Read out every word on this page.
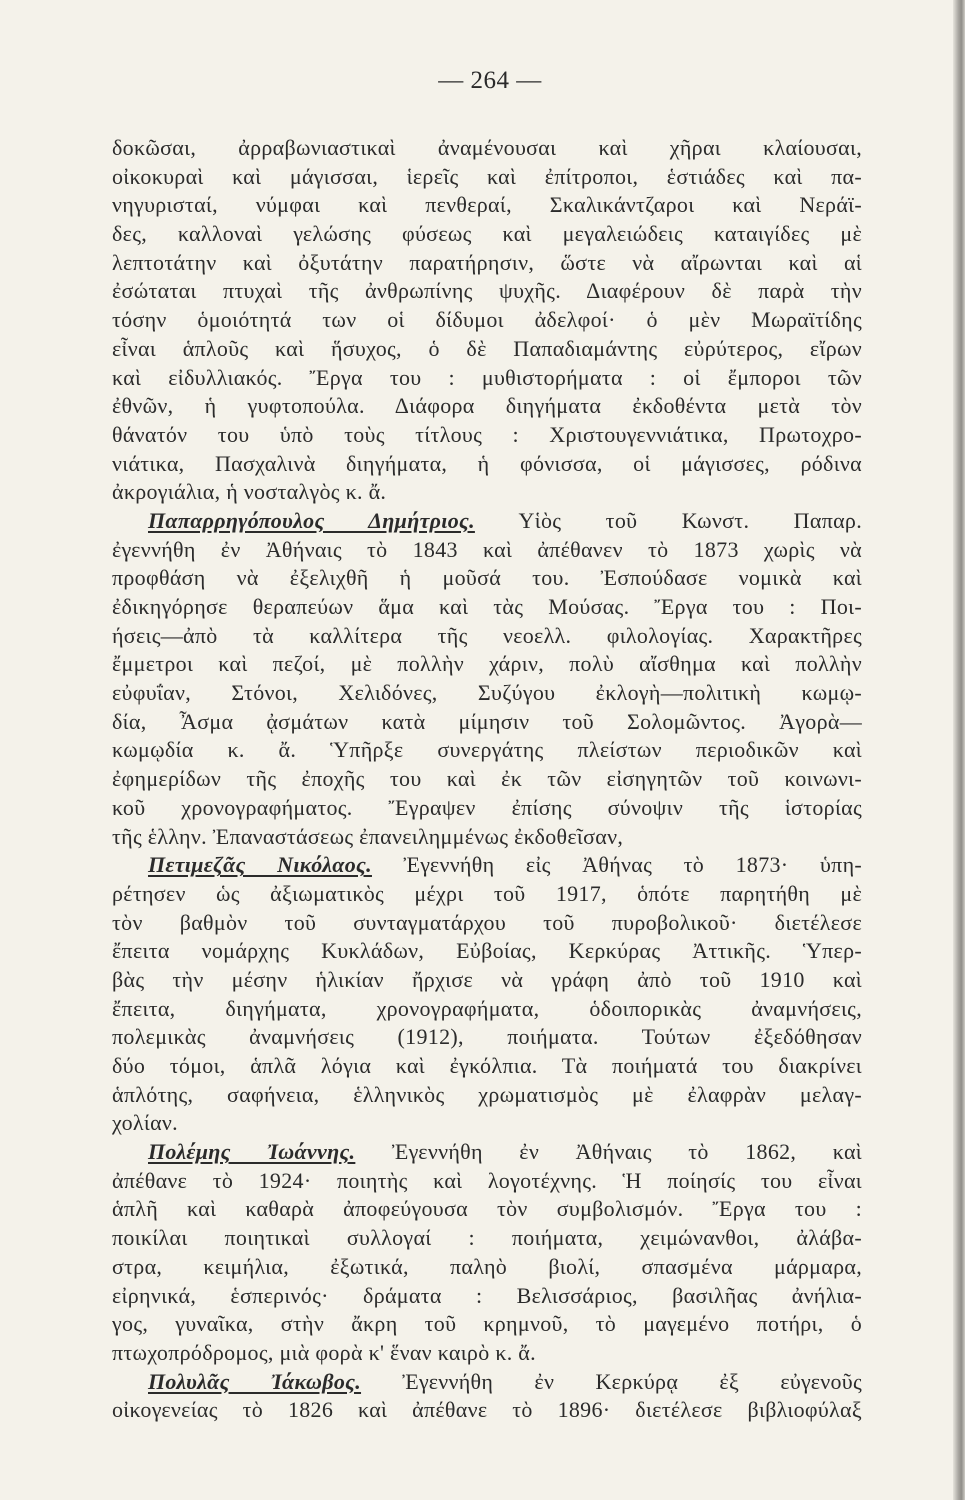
— 264 —
δοκῶσαι, ἀρραβωνιαστικαὶ ἀναμένουσαι καὶ χῆραι κλαίουσαι,
οἰκοκυραὶ καὶ μάγισσαι, ἱερεῖς καὶ ἐπίτροποι, ἑστιάδες καὶ πα-
νηγυρισταί, νύμφαι καὶ πενθεραί, Σκαλικάντζαροι καὶ Νεράϊ-
δες, καλλοναὶ γελώσης φύσεως καὶ μεγαλειώδεις καταιγίδες μὲ
λεπτοτάτην καὶ ὀξυτάτην παρατήρησιν, ὥστε νὰ αἴρωνται καὶ αἱ
ἐσώταται πτυχαὶ τῆς ἀνθρωπίνης ψυχῆς. Διαφέρουν δὲ παρὰ τὴν
τόσην ὁμοιότητά των οἱ δίδυμοι ἀδελφοί· ὁ μὲν Μωραϊτίδης
εἶναι ἁπλοῦς καὶ ἥσυχος, ὁ δὲ Παπαδιαμάντης εὐρύτερος, εἴρων
καὶ εἰδυλλιακός. Ἔργα του : μυθιστορήματα : οἱ ἔμποροι τῶν
ἐθνῶν, ἡ γυφτοπούλα. Διάφορα διηγήματα ἐκδοθέντα μετὰ τὸν
θάνατόν του ὑπὸ τοὺς τίτλους : Χριστουγεννιάτικα, Πρωτοχρο-
νιάτικα, Πασχαλινὰ διηγήματα, ἡ φόνισσα, οἱ μάγισσες, ρόδινα
ἀκρογιάλια, ἡ νοσταλγὸς κ. ἄ.
Παπαρρηγόπουλος Δημήτριος. Υἱὸς τοῦ Κωνστ. Παπαρ.
ἐγεννήθη ἐν Ἀθήναις τὸ 1843 καὶ ἀπέθανεν τὸ 1873 χωρὶς νὰ
προφθάση νὰ ἐξελιχθῆ ἡ μοῦσά του. Ἐσπούδασε νομικὰ καὶ
ἐδικηγόρησε θεραπεύων ἅμα καὶ τὰς Μούσας. Ἔργα του : Ποι-
ήσεις—ἀπὸ τὰ καλλίτερα τῆς νεοελλ. φιλολογίας. Χαρακτῆρες
ἔμμετροι καὶ πεζοί, μὲ πολλὴν χάριν, πολὺ αἴσθημα καὶ πολλὴν
εὐφυΐαν, Στόνοι, Χελιδόνες, Συζύγου ἐκλογὴ—πολιτικὴ κωμῳ-
δία, Ἆσμα ᾀσμάτων κατὰ μίμησιν τοῦ Σολομῶντος. Ἀγορὰ—
κωμῳδία κ. ἄ. Ὑπῆρξε συνεργάτης πλείστων περιοδικῶν καὶ
ἐφημερίδων τῆς ἐποχῆς του καὶ ἐκ τῶν εἰσηγητῶν τοῦ κοινωνι-
κοῦ χρονογραφήματος. Ἔγραψεν ἐπίσης σύνοψιν τῆς ἱστορίας
τῆς ἑλλην. Ἐπαναστάσεως ἐπανειλημμένως ἐκδοθεῖσαν,
Πετιμεζᾶς Νικόλαος. Ἐγεννήθη εἰς Ἀθήνας τὸ 1873· ὑπη-
ρέτησεν ὡς ἀξιωματικὸς μέχρι τοῦ 1917, ὁπότε παρητήθη μὲ
τὸν βαθμὸν τοῦ συνταγματάρχου τοῦ πυροβολικοῦ· διετέλεσε
ἔπειτα νομάρχης Κυκλάδων, Εὐβοίας, Κερκύρας Ἀττικῆς. Ὑπερ-
βὰς τὴν μέσην ἡλικίαν ἤρχισε νὰ γράφη ἀπὸ τοῦ 1910 καὶ
ἔπειτα, διηγήματα, χρονογραφήματα, ὁδοιπορικὰς ἀναμνήσεις,
πολεμικὰς ἀναμνήσεις (1912), ποιήματα. Τούτων ἐξεδόθησαν
δύο τόμοι, ἁπλᾶ λόγια καὶ ἐγκόλπια. Τὰ ποιήματά του διακρίνει
ἁπλότης, σαφήνεια, ἑλληνικὸς χρωματισμὸς μὲ ἐλαφρὰν μελαγ-
χολίαν.
Πολέμης Ἰωάννης. Ἐγεννήθη ἐν Ἀθήναις τὸ 1862, καὶ
ἀπέθανε τὸ 1924· ποιητὴς καὶ λογοτέχνης. Ἡ ποίησίς του εἶναι
ἁπλῆ καὶ καθαρὰ ἀποφεύγουσα τὸν συμβολισμόν. Ἔργα του :
ποικίλαι ποιητικαὶ συλλογαί : ποιήματα, χειμώνανθοι, ἀλάβα-
στρα, κειμήλια, ἐξωτικά, παληὸ βιολί, σπασμένα μάρμαρα,
εἰρηνικά, ἑσπερινός· δράματα : Βελισσάριος, βασιλῆας ἀνήλια-
γος, γυναῖκα, στὴν ἄκρη τοῦ κρημνοῦ, τὸ μαγεμένο ποτήρι, ὁ
πτωχοπρόδρομος, μιὰ φορὰ κ' ἕναν καιρὸ κ. ἄ.
Πολυλᾶς Ἰάκωβος. Ἐγεννήθη ἐν Κερκύρᾳ ἐξ εὐγενοῦς
οἰκογενείας τὸ 1826 καὶ ἀπέθανε τὸ 1896· διετέλεσε βιβλιοφύλαξ
